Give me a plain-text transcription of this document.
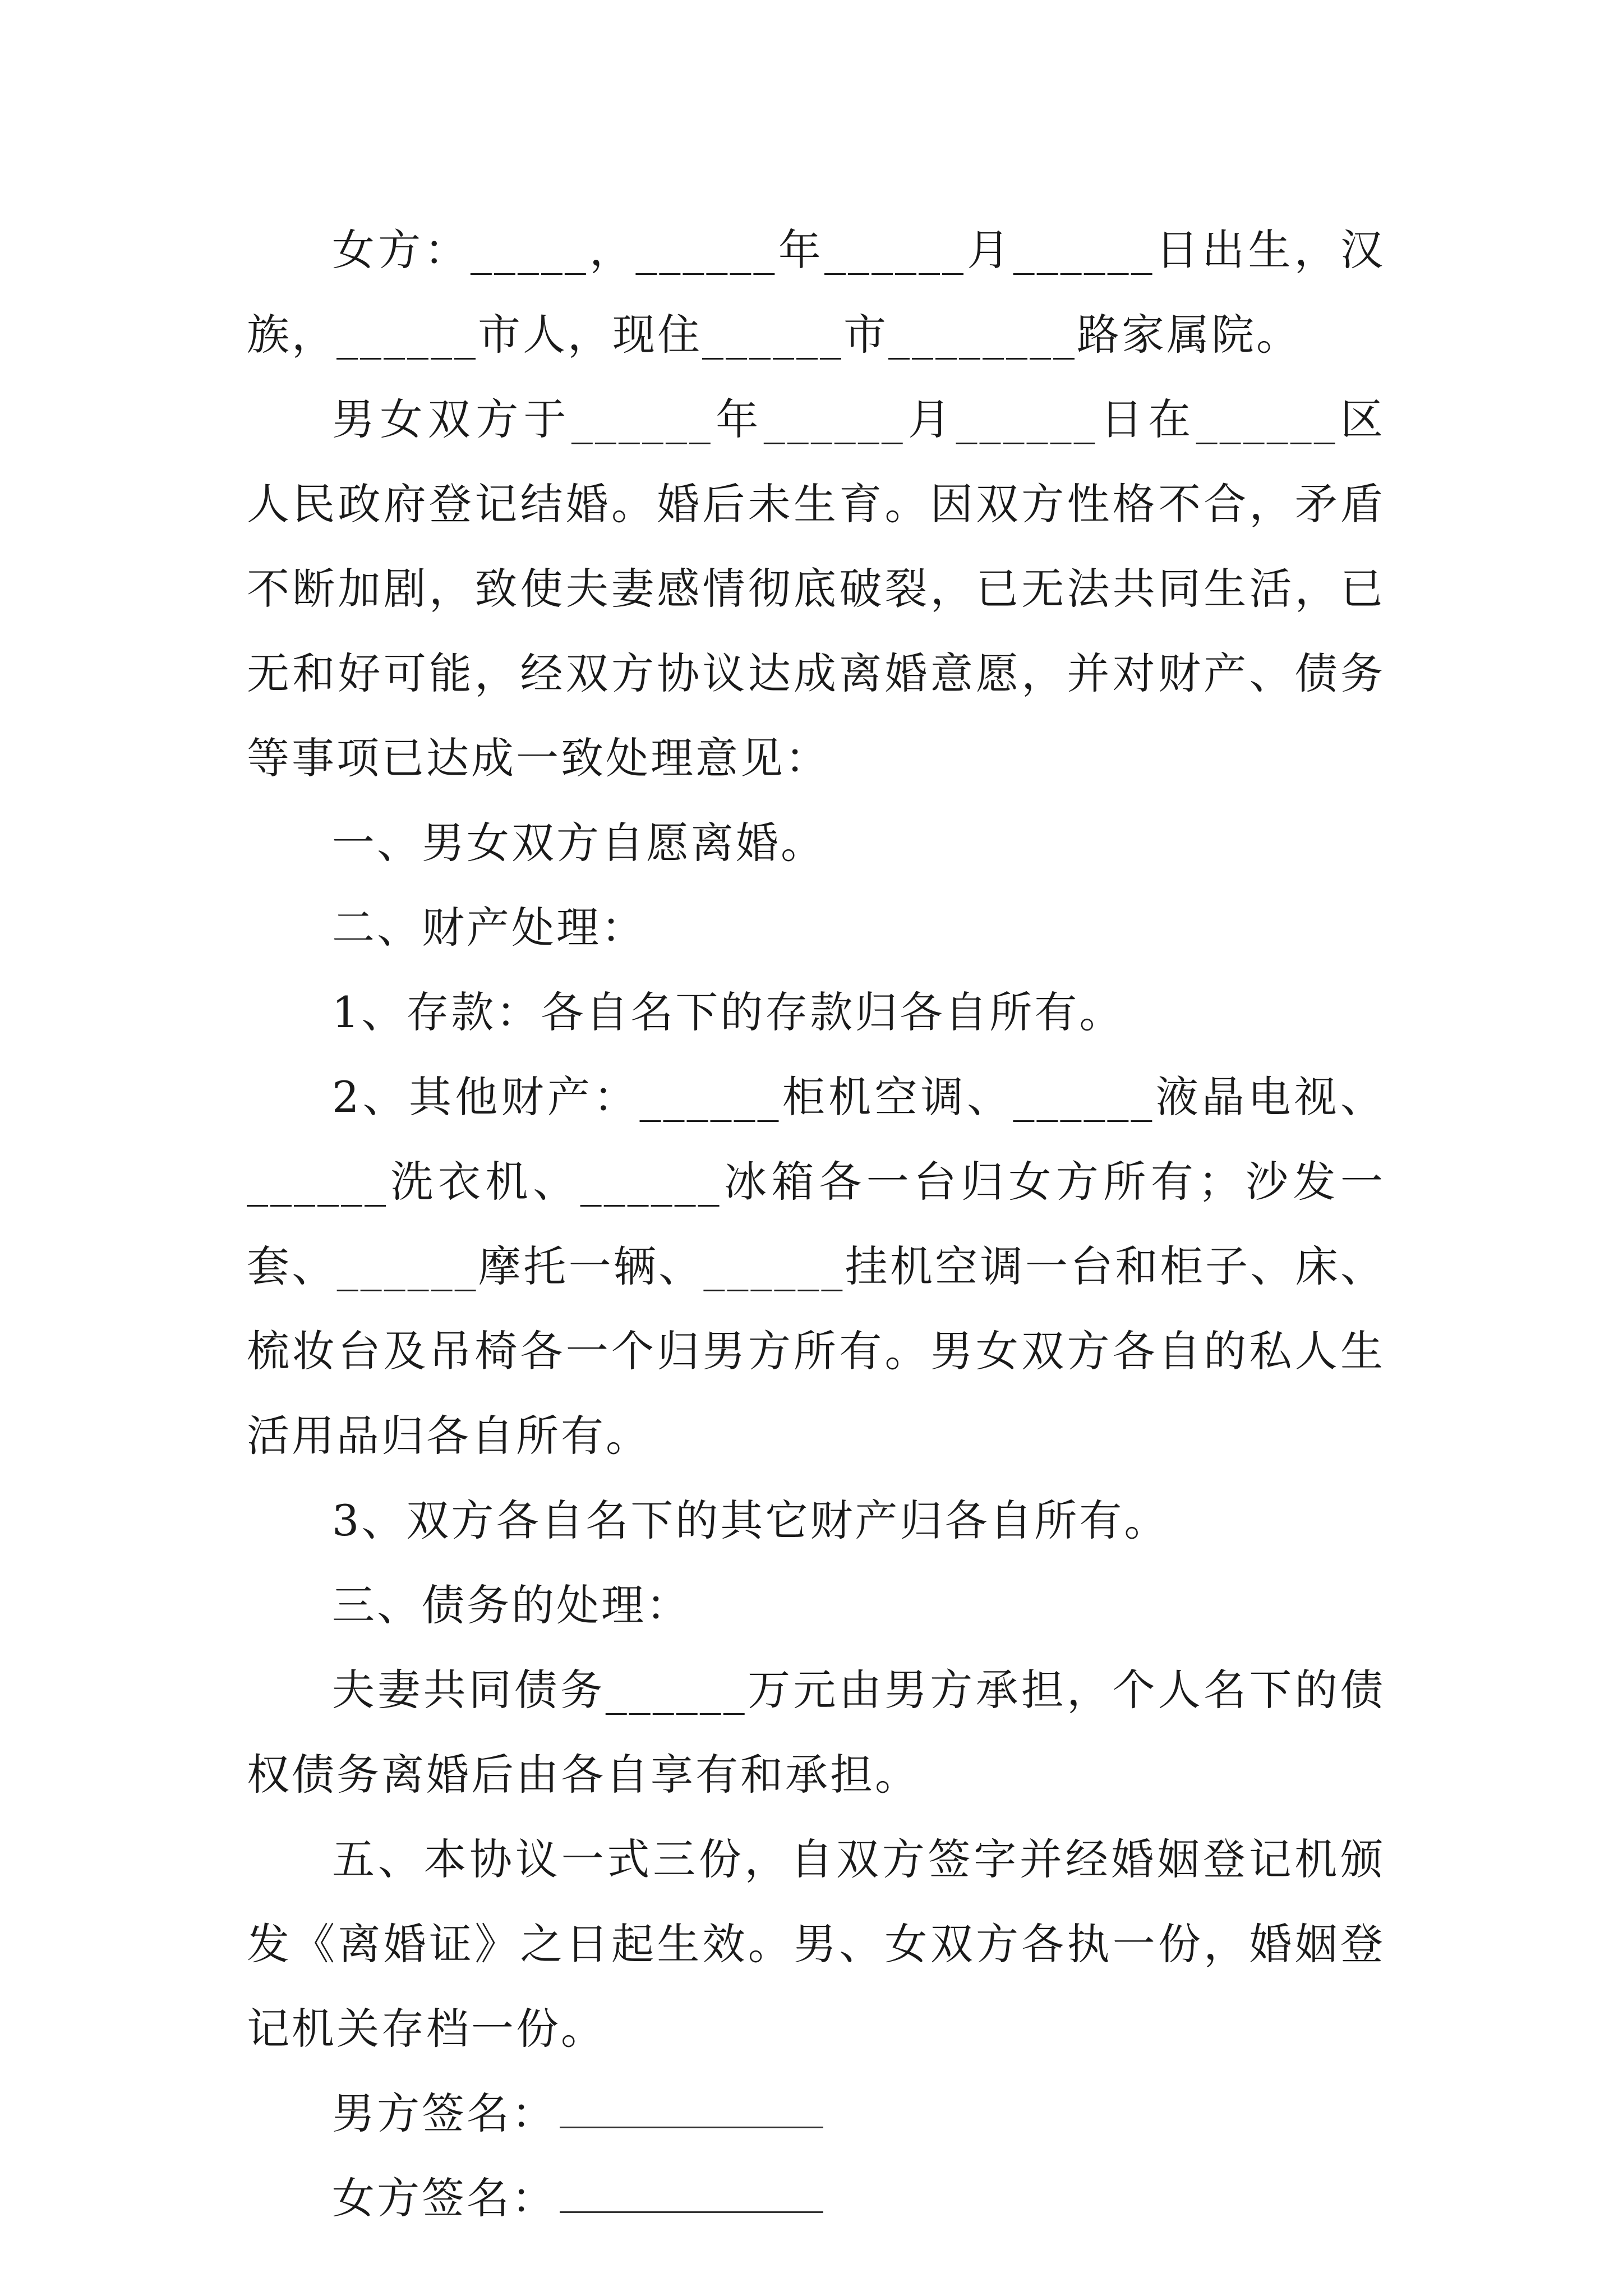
女方：_____，______年______月______日出生，汉族，______市人，现住______市________路家属院。

男女双方于______年______月______日在______区人民政府登记结婚。婚后未生育。因双方性格不合，矛盾不断加剧，致使夫妻感情彻底破裂，已无法共同生活，已无和好可能，经双方协议达成离婚意愿，并对财产、债务等事项已达成一致处理意见：

一、男女双方自愿离婚。

二、财产处理：

1、存款：各自名下的存款归各自所有。

2、其他财产：______柜机空调、______液晶电视、______洗衣机、______冰箱各一台归女方所有；沙发一套、______摩托一辆、______挂机空调一台和柜子、床、梳妆台及吊椅各一个归男方所有。男女双方各自的私人生活用品归各自所有。

3、双方各自名下的其它财产归各自所有。

三、债务的处理：

夫妻共同债务______万元由男方承担，个人名下的债权债务离婚后由各自享有和承担。

五、本协议一式三份，自双方签字并经婚姻登记机颁发《离婚证》之日起生效。男、女双方各执一份，婚姻登记机关存档一份。

男方签名：

女方签名：
